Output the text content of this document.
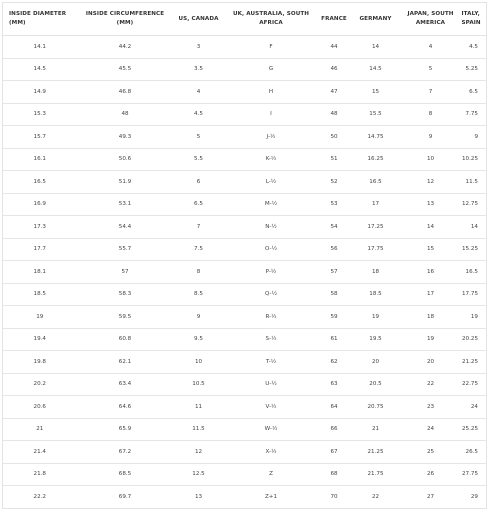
INSIDE DIAMETER (MM)	INSIDE CIRCUMFERENCE (MM)	US, CANADA	UK, AUSTRALIA, SOUTH AFRICA	FRANCE	GERMANY	JAPAN, SOUTH AMERICA	ITALY, SPAIN
14.1	44.2	3	F	44	14	4	4.5
14.5	45.5	3.5	G	46	14.5	5	5.25
14.9	46.8	4	H	47	15	7	6.5
15.3	48	4.5	I	48	15.5	8	7.75
15.7	49.3	5	J-½	50	14.75	9	9
16.1	50.6	5.5	K-½	51	16.25	10	10.25
16.5	51.9	6	L-½	52	16.5	12	11.5
16.9	53.1	6.5	M-½	53	17	13	12.75
17.3	54.4	7	N-½	54	17.25	14	14
17.7	55.7	7.5	O-½	56	17.75	15	15.25
18.1	57	8	P-½	57	18	16	16.5
18.5	58.3	8.5	Q-½	58	18.5	17	17.75
19	59.5	9	R-½	59	19	18	19
19.4	60.8	9.5	S-½	61	19.5	19	20.25
19.8	62.1	10	T-½	62	20	20	21.25
20.2	63.4	10.5	U-½	63	20.5	22	22.75
20.6	64.6	11	V-½	64	20.75	23	24
21	65.9	11.5	W-½	66	21	24	25.25
21.4	67.2	12	X-½	67	21.25	25	26.5
21.8	68.5	12.5	Z	68	21.75	26	27.75
22.2	69.7	13	Z+1	70	22	27	29
